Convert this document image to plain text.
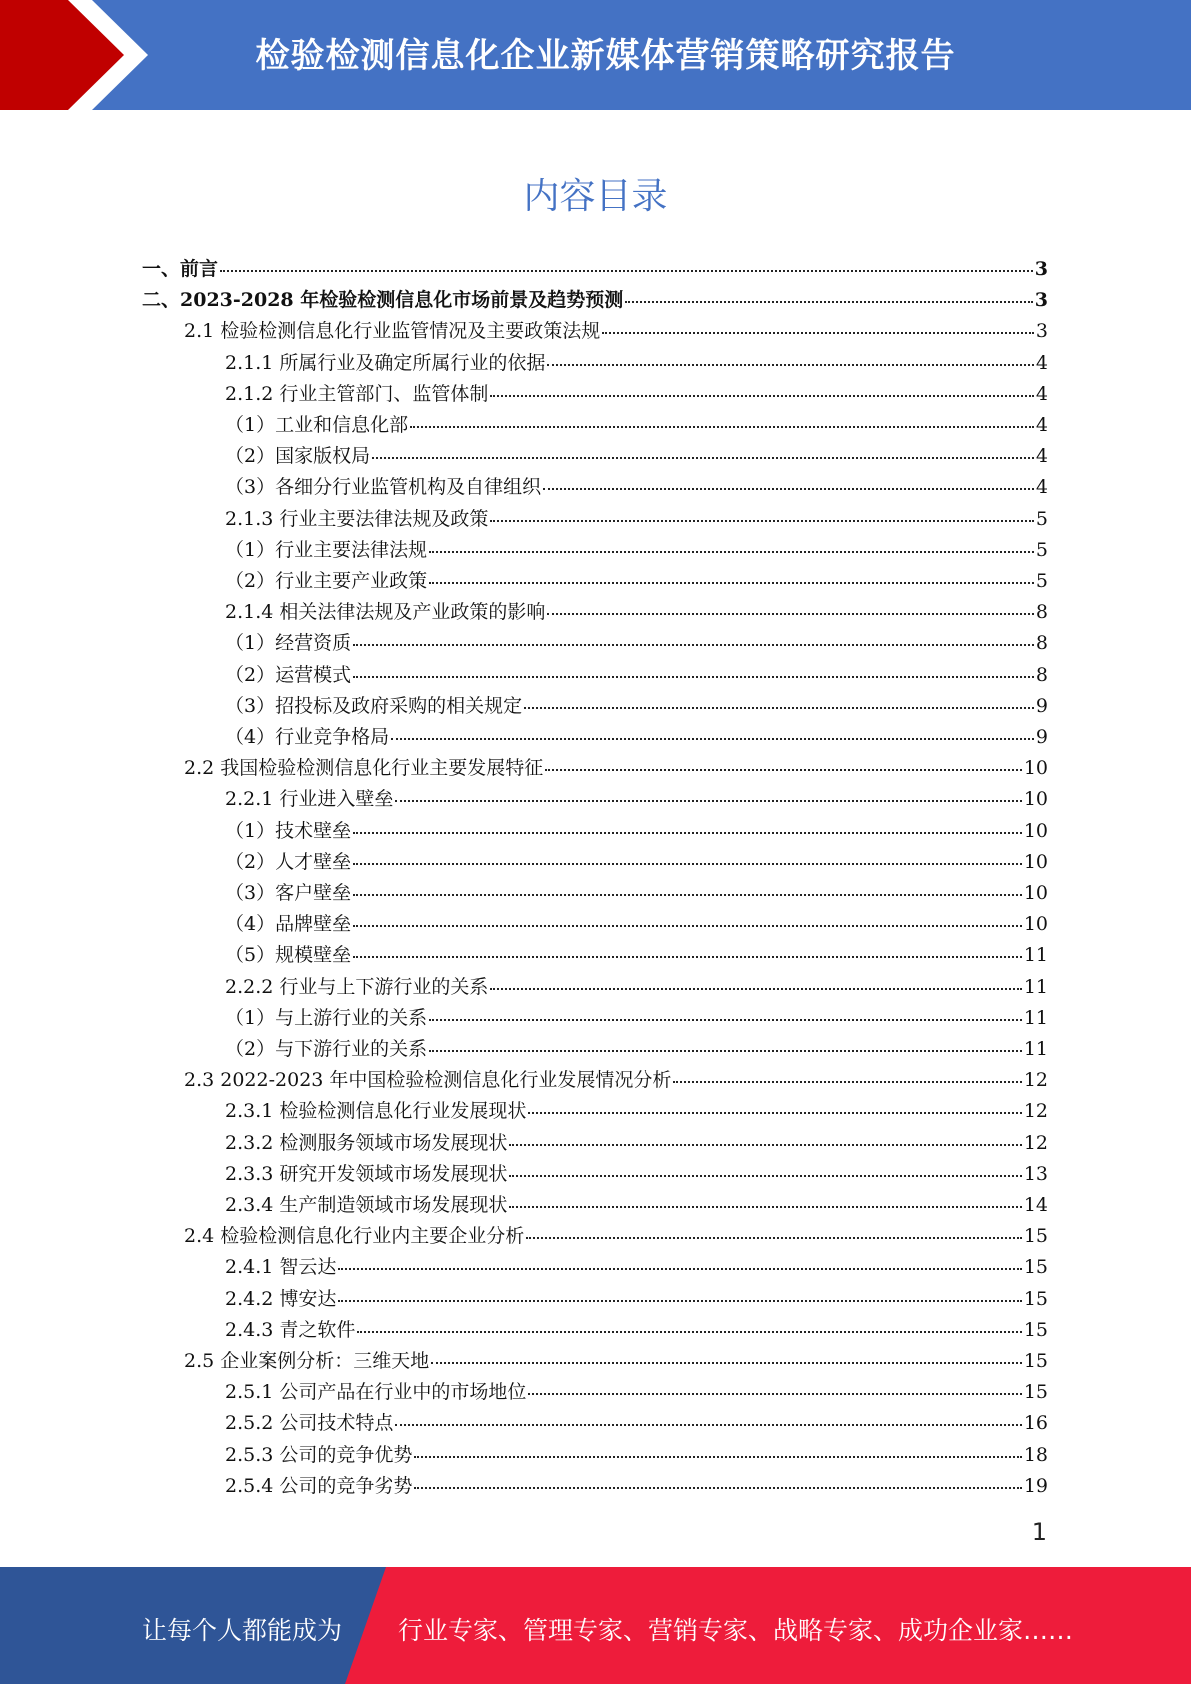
检验检测信息化企业新媒体营销策略研究报告
内容目录
一、前言	3
二、2023-2028 年检验检测信息化市场前景及趋势预测	3
2.1 检验检测信息化行业监管情况及主要政策法规	3
2.1.1 所属行业及确定所属行业的依据	4
2.1.2 行业主管部门、监管体制	4
（1）工业和信息化部	4
（2）国家版权局	4
（3）各细分行业监管机构及自律组织	4
2.1.3 行业主要法律法规及政策	5
（1）行业主要法律法规	5
（2）行业主要产业政策	5
2.1.4 相关法律法规及产业政策的影响	8
（1）经营资质	8
（2）运营模式	8
（3）招投标及政府采购的相关规定	9
（4）行业竞争格局	9
2.2 我国检验检测信息化行业主要发展特征	10
2.2.1 行业进入壁垒	10
（1）技术壁垒	10
（2）人才壁垒	10
（3）客户壁垒	10
（4）品牌壁垒	10
（5）规模壁垒	11
2.2.2 行业与上下游行业的关系	11
（1）与上游行业的关系	11
（2）与下游行业的关系	11
2.3 2022-2023 年中国检验检测信息化行业发展情况分析	12
2.3.1 检验检测信息化行业发展现状	12
2.3.2 检测服务领域市场发展现状	12
2.3.3 研究开发领域市场发展现状	13
2.3.4 生产制造领域市场发展现状	14
2.4 检验检测信息化行业内主要企业分析	15
2.4.1 智云达	15
2.4.2 博安达	15
2.4.3 青之软件	15
2.5 企业案例分析：三维天地	15
2.5.1 公司产品在行业中的市场地位	15
2.5.2 公司技术特点	16
2.5.3 公司的竞争优势	18
2.5.4 公司的竞争劣势	19
1
让每个人都能成为 行业专家、管理专家、营销专家、战略专家、成功企业家……
